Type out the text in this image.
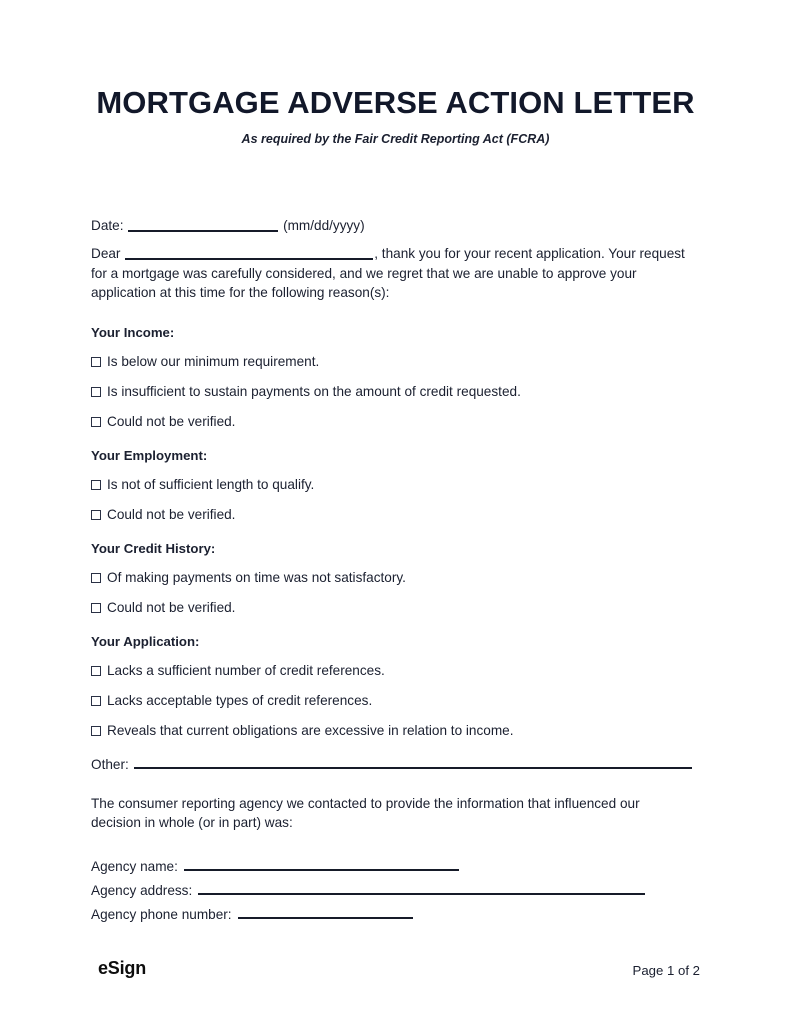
MORTGAGE ADVERSE ACTION LETTER
As required by the Fair Credit Reporting Act (FCRA)
Date:	(mm/dd/yyyy)
Dear	, thank you for your recent application. Your request for a mortgage was carefully considered, and we regret that we are unable to approve your application at this time for the following reason(s):
Your Income:
Is below our minimum requirement.
Is insufficient to sustain payments on the amount of credit requested.
Could not be verified.
Your Employment:
Is not of sufficient length to qualify.
Could not be verified.
Your Credit History:
Of making payments on time was not satisfactory.
Could not be verified.
Your Application:
Lacks a sufficient number of credit references.
Lacks acceptable types of credit references.
Reveals that current obligations are excessive in relation to income.
Other:
The consumer reporting agency we contacted to provide the information that influenced our decision in whole (or in part) was:
Agency name:
Agency address:
Agency phone number:
eSign	Page 1 of 2
